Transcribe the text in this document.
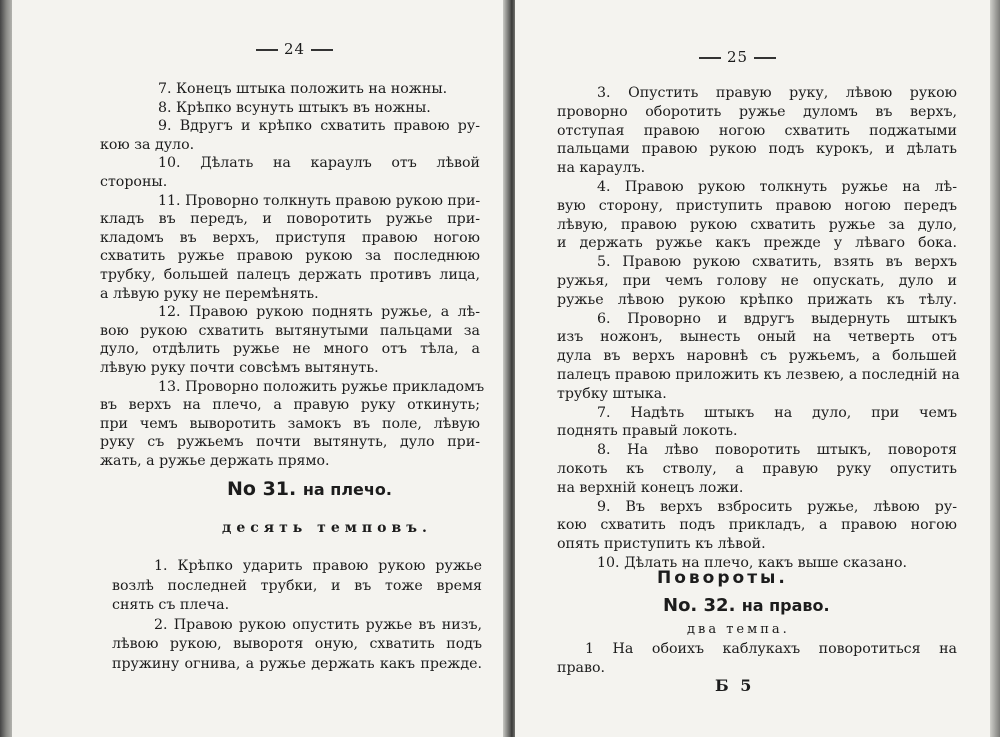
24
7. Конецъ штыка положить на ножны.
8. Крѣпко всунуть штыкъ въ ножны.
9. Вдругъ и крѣпко схватить правою ру-
кою за дуло.
10. Дѣлать на караулъ отъ лѣвой
стороны.
11. Проворно толкнуть правою рукою при-
кладъ въ передъ, и поворотить ружье при-
кладомъ въ верхъ, приступя правою ногою
схватить ружье правою рукою за последнюю
трубку, большей палецъ держать противъ лица,
а лѣвую руку не перемѣнять.
12. Правою рукою поднять ружье, а лѣ-
вою рукою схватить вытянутыми пальцами за
дуло, отдѣлить ружье не много отъ тѣла, а
лѣвую руку почти совсѣмъ вытянуть.
13. Проворно положить ружье прикладомъ
въ верхъ на плечо, а правую руку откинуть;
при чемъ выворотить замокъ въ поле, лѣвую
руку съ ружьемъ почти вытянуть, дуло при-
жать, а ружье держать прямо.
No 31. на плечо.
десять темповъ.
1. Крѣпко ударить правою рукою ружье
возлѣ последней трубки, и въ тоже время
снять съ плеча.
2. Правою рукою опустить ружье въ низъ,
лѣвою рукою, выворотя оную, схватить подъ
пружину огнива, а ружье держать какъ прежде.
25
3. Опустить правую руку, лѣвою рукою
проворно оборотить ружье дуломъ въ верхъ,
отступая правою ногою схватить поджатыми
пальцами правою рукою подъ курокъ, и дѣлать
на караулъ.
4. Правою рукою толкнуть ружье на лѣ-
вую сторону, приступить правою ногою передъ
лѣвую, правою рукою схватить ружье за дуло,
и держать ружье какъ прежде у лѣваго бока.
5. Правою рукою схватить, взять въ верхъ
ружья, при чемъ голову не опускать, дуло и
ружье лѣвою рукою крѣпко прижать къ тѣлу.
6. Проворно и вдругъ выдернуть штыкъ
изъ ножонъ, вынесть оный на четверть отъ
дула въ верхъ наровнѣ съ ружьемъ, а большей
палецъ правою приложить къ лезвею, а последній на
трубку штыка.
7. Надѣть штыкъ на дуло, при чемъ
поднять правый локоть.
8. На лѣво поворотить штыкъ, поворотя
локоть къ стволу, а правую руку опустить
на верхній конецъ ложи.
9. Въ верхъ взбросить ружье, лѣвою ру-
кою схватить подъ прикладъ, а правою ногою
опять приступить къ лѣвой.
10. Дѣлать на плечо, какъ выше сказано.
Повороты.
No. 32. на право.
два темпа.
1 На обоихъ каблукахъ поворотиться на
право.
Б 5
